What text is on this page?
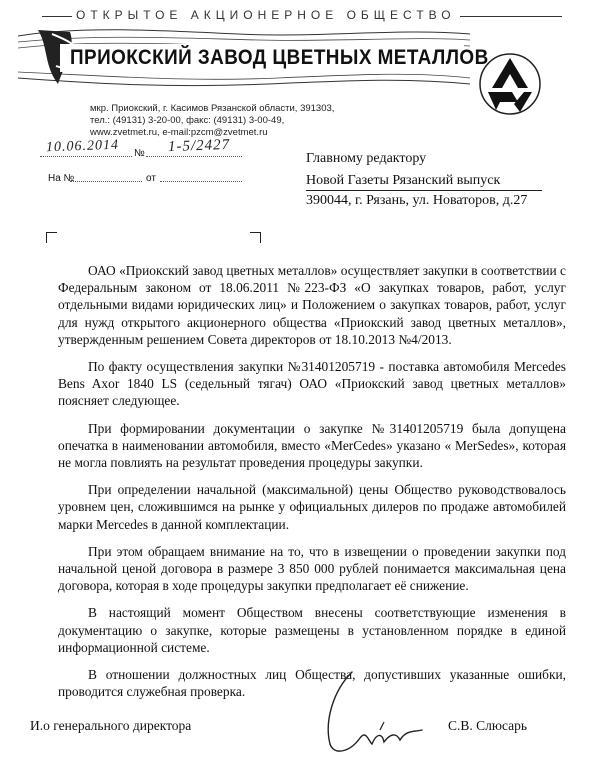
ОТКРЫТОЕ АКЦИОНЕРНОЕ ОБЩЕСТВО
ПРИОКСКИЙ ЗАВОД ЦВЕТНЫХ МЕТАЛЛОВ
мкр. Приокский, г. Касимов Рязанской области, 391303,
тел.: (49131) 3-20-00, факс: (49131) 3-00-49,
www.zvetmet.ru, e-mail:pzcm@zvetmet.ru
10.06.2014 № 1-5/2427
На №	от
Главному редактору
Новой Газеты Рязанский выпуск
390044, г. Рязань, ул. Новаторов, д.27

ОАО «Приокский завод цветных металлов» осуществляет закупки в соответствии с Федеральным законом от 18.06.2011 №223-ФЗ «О закупках товаров, работ, услуг отдельными видами юридических лиц» и Положением о закупках товаров, работ, услуг для нужд открытого акционерного общества «Приокский завод цветных металлов», утвержденным решением Совета директоров от 18.10.2013 №4/2013.

По факту осуществления закупки №31401205719 - поставка автомобиля Mercedes Bens Axor 1840 LS (седельный тягач) ОАО «Приокский завод цветных металлов» поясняет следующее.

При формировании документации о закупке №31401205719 была допущена опечатка в наименовании автомобиля, вместо «MerCedes» указано « MerSedes», которая не могла повлиять на результат проведения процедуры закупки.

При определении начальной (максимальной) цены Общество руководствовалось уровнем цен, сложившимся на рынке у официальных дилеров по продаже автомобилей марки Mercedes в данной комплектации.

При этом обращаем внимание на то, что в извещении о проведении закупки под начальной ценой договора в размере 3 850 000 рублей понимается максимальная цена договора, которая в ходе процедуры закупки предполагает её снижение.

В настоящий момент Обществом внесены соответствующие изменения в документацию о закупке, которые размещены в установленном порядке в единой информационной системе.

В отношении должностных лиц Общества, допустивших указанные ошибки, проводится служебная проверка.

И.о генерального директора	С.В. Слюсарь
